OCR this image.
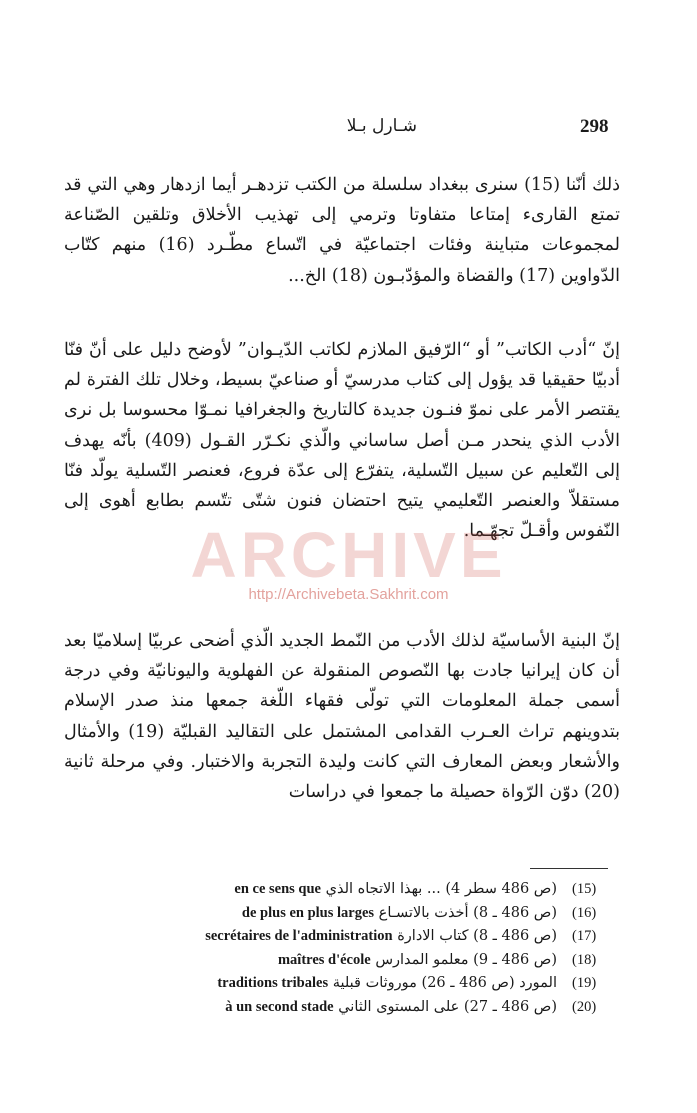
298
شـارل بـلا

ذلك أنّنا (15) سنرى ببغداد سلسلة من الكتب تزدهـر أيما ازدهار وهي التي قد تمتع القارىء إمتاعا متفاوتا وترمي إلى تهذيب الأخلاق وتلقين الصّناعة لمجموعات متباينة وفئات اجتماعيّة في اتّساع مطّـرد (16) منهم كتّاب الدّواوين (17) والقضاة والمؤدّبـون (18) الخ...

إنّ “أدب الكاتب” أو “الرّفيق الملازم لكاتب الدّيـوان” لأوضح دليل على أنّ فنّا أدبيّا حقيقيا قد يؤول إلى كتاب مدرسيّ أو صناعيّ بسيط، وخلال تلك الفترة لم يقتصر الأمر على نموّ فنـون جديدة كالتاريخ والجغرافيا نمـوّا محسوسا بل نرى الأدب الذي ينحدر مـن أصل ساساني والّذي نكـرّر القـول (409) بأنّه يهدف إلى التّعليم عن سبيل التّسلية، يتفرّع إلى عدّة فروع، فعنصر التّسلية يولّد فنّا مستقلاّ والعنصر التّعليمي يتيح احتضان فنون شتّى تتّسم بطابع أهوى إلى النّفوس وأقـلّ تجهّـما.

إنّ البنية الأساسيّة لذلك الأدب من النّمط الجديد الّذي أضحى عربيّا إسلاميّا بعد أن كان إيرانيا جادت بها النّصوص المنقولة عن الفهلوية واليونانيّة وفي درجة أسمى جملة المعلومات التي تولّى فقهاء اللّغة جمعها منذ صدر الإسلام بتدوينهم تراث العـرب القدامى المشتمل على التقاليد القبليّة (19) والأمثال والأشعار وبعض المعارف التي كانت وليدة التجربة والاختبار. وفي مرحلة ثانية (20) دوّن الرّواة حصيلة ما جمعوا في دراسات

ARCHIVE
http://Archivebeta.Sakhrit.com
(15)
(ص 486 سطر 4) ... بهذا الاتجاه الذي en ce sens que
(16)
(ص 486 ـ 8) أخذت بالاتسـاع de plus en plus larges
(17)
(ص 486 ـ 8) كتاب الادارة secrétaires de l'administration
(18)
(ص 486 ـ 9) معلمو المدارس maîtres d'école
(19)
المورد (ص 486 ـ 26) موروثات قبلية traditions tribales
(20)
(ص 486 ـ 27) على المستوى الثاني à un second stade
